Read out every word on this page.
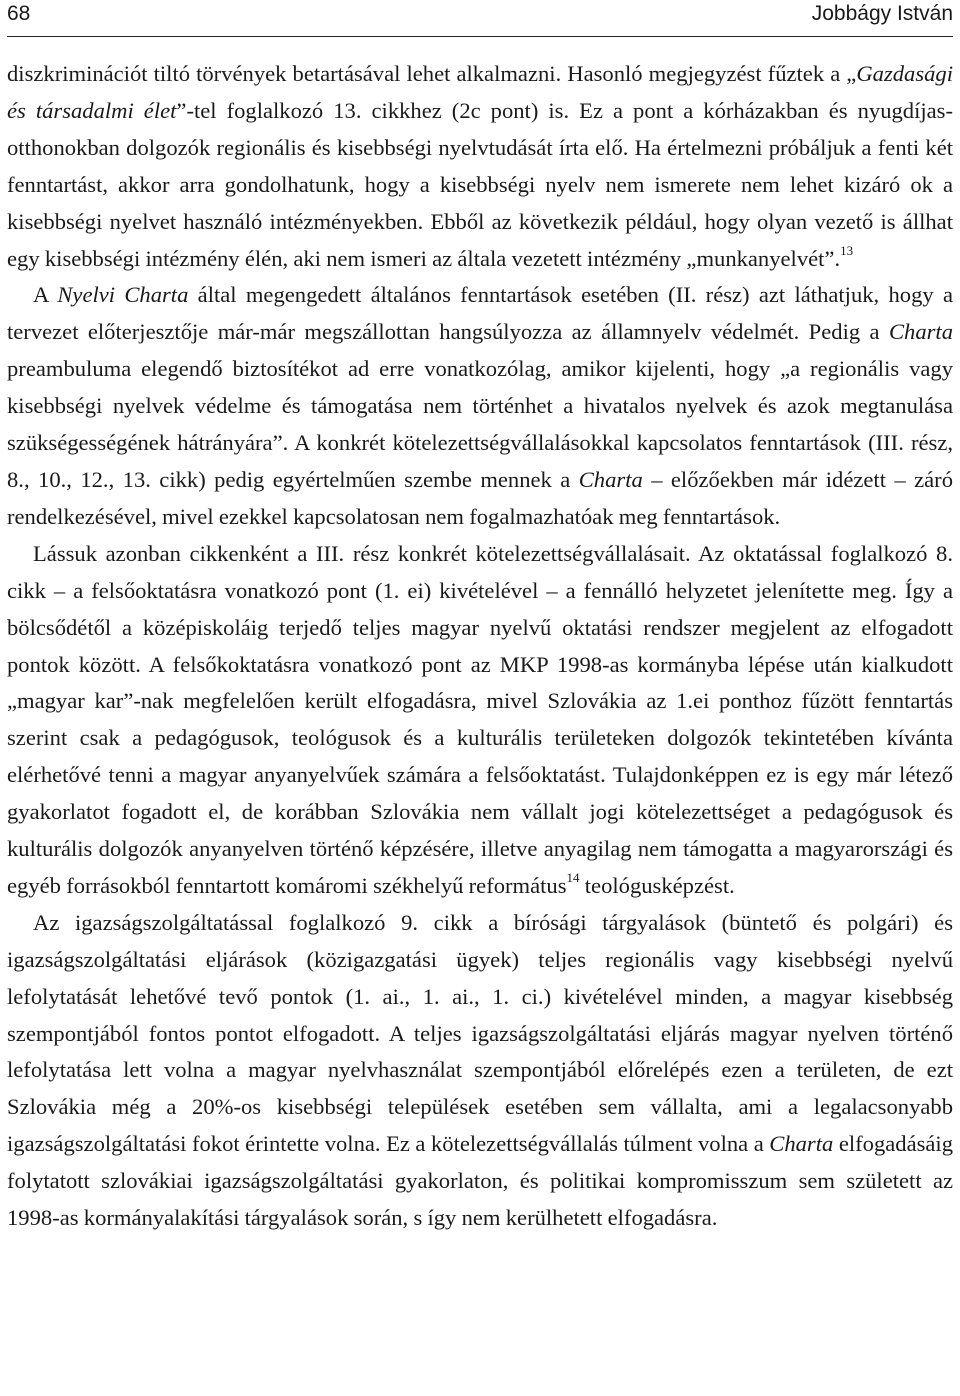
68	Jobbágy István

diszkriminációt tiltó törvények betartásával lehet alkalmazni. Hasonló megjegyzést fűztek a „Gazdasági és társadalmi élet”-tel foglalkozó 13. cikkhez (2c pont) is. Ez a pont a kórházakban és nyugdíjas-otthonokban dolgozók regionális és kisebbségi nyelvtudását írta elő. Ha értelmezni próbáljuk a fenti két fenntartást, akkor arra gondolhatunk, hogy a kisebbségi nyelv nem ismerete nem lehet kizáró ok a kisebbségi nyelvet használó intézményekben. Ebből az következik például, hogy olyan vezető is állhat egy kisebbségi intézmény élén, aki nem ismeri az általa vezetett intézmény „munkanyelvét”.$^{13}$

A Nyelvi Charta által megengedett általános fenntartások esetében (II. rész) azt láthatjuk, hogy a tervezet előterjesztője már-már megszállottan hangsúlyozza az államnyelv védelmét. Pedig a Charta preambuluma elegendő biztosítékot ad erre vonatkozólag, amikor kijelenti, hogy „a regionális vagy kisebbségi nyelvek védelme és támogatása nem történhet a hivatalos nyelvek és azok megtanulása szükségességének hátrányára”. A konkrét kötelezettségvállalásokkal kapcsolatos fenntartások (III. rész, 8., 10., 12., 13. cikk) pedig egyértelműen szembe mennek a Charta – előzőekben már idézett – záró rendelkezésével, mivel ezekkel kapcsolatosan nem fogalmazhatóak meg fenntartások.

Lássuk azonban cikkenként a III. rész konkrét kötelezettségvállalásait. Az oktatással foglalkozó 8. cikk – a felsőoktatásra vonatkozó pont (1. ei) kivételével – a fennálló helyzetet jelenítette meg. Így a bölcsődétől a középiskoláig terjedő teljes magyar nyelvű oktatási rendszer megjelent az elfogadott pontok között. A felsőkoktatásra vonatkozó pont az MKP 1998-as kormányba lépése után kialkudott „magyar kar”-nak megfelelően került elfogadásra, mivel Szlovákia az 1.ei ponthoz fűzött fenntartás szerint csak a pedagógusok, teológusok és a kulturális területeken dolgozók tekintetében kívánta elérhetővé tenni a magyar anyanyelvűek számára a felsőoktatást. Tulajdonképpen ez is egy már létező gyakorlatot fogadott el, de korábban Szlovákia nem vállalt jogi kötelezettséget a pedagógusok és kulturális dolgozók anyanyelven történő képzésére, illetve anyagilag nem támogatta a magyarországi és egyéb forrásokból fenntartott komáromi székhelyű református$^{14}$ teológusképzést.

Az igazságszolgáltatással foglalkozó 9. cikk a bírósági tárgyalások (büntető és polgári) és igazságszolgáltatási eljárások (közigazgatási ügyek) teljes regionális vagy kisebbségi nyelvű lefolytatását lehetővé tevő pontok (1. ai., 1. ai., 1. ci.) kivételével minden, a magyar kisebbség szempontjából fontos pontot elfogadott. A teljes igazságszolgáltatási eljárás magyar nyelven történő lefolytatása lett volna a magyar nyelvhasználat szempontjából előrelépés ezen a területen, de ezt Szlovákia még a 20%-os kisebbségi települések esetében sem vállalta, ami a legalacsonyabb igazságszolgáltatási fokot érintette volna. Ez a kötelezettségvállalás túlment volna a Charta elfogadásáig folytatott szlovákiai igazságszolgáltatási gyakorlaton, és politikai kompromisszum sem született az 1998-as kormányalakítási tárgyalások során, s így nem kerülhetett elfogadásra.
